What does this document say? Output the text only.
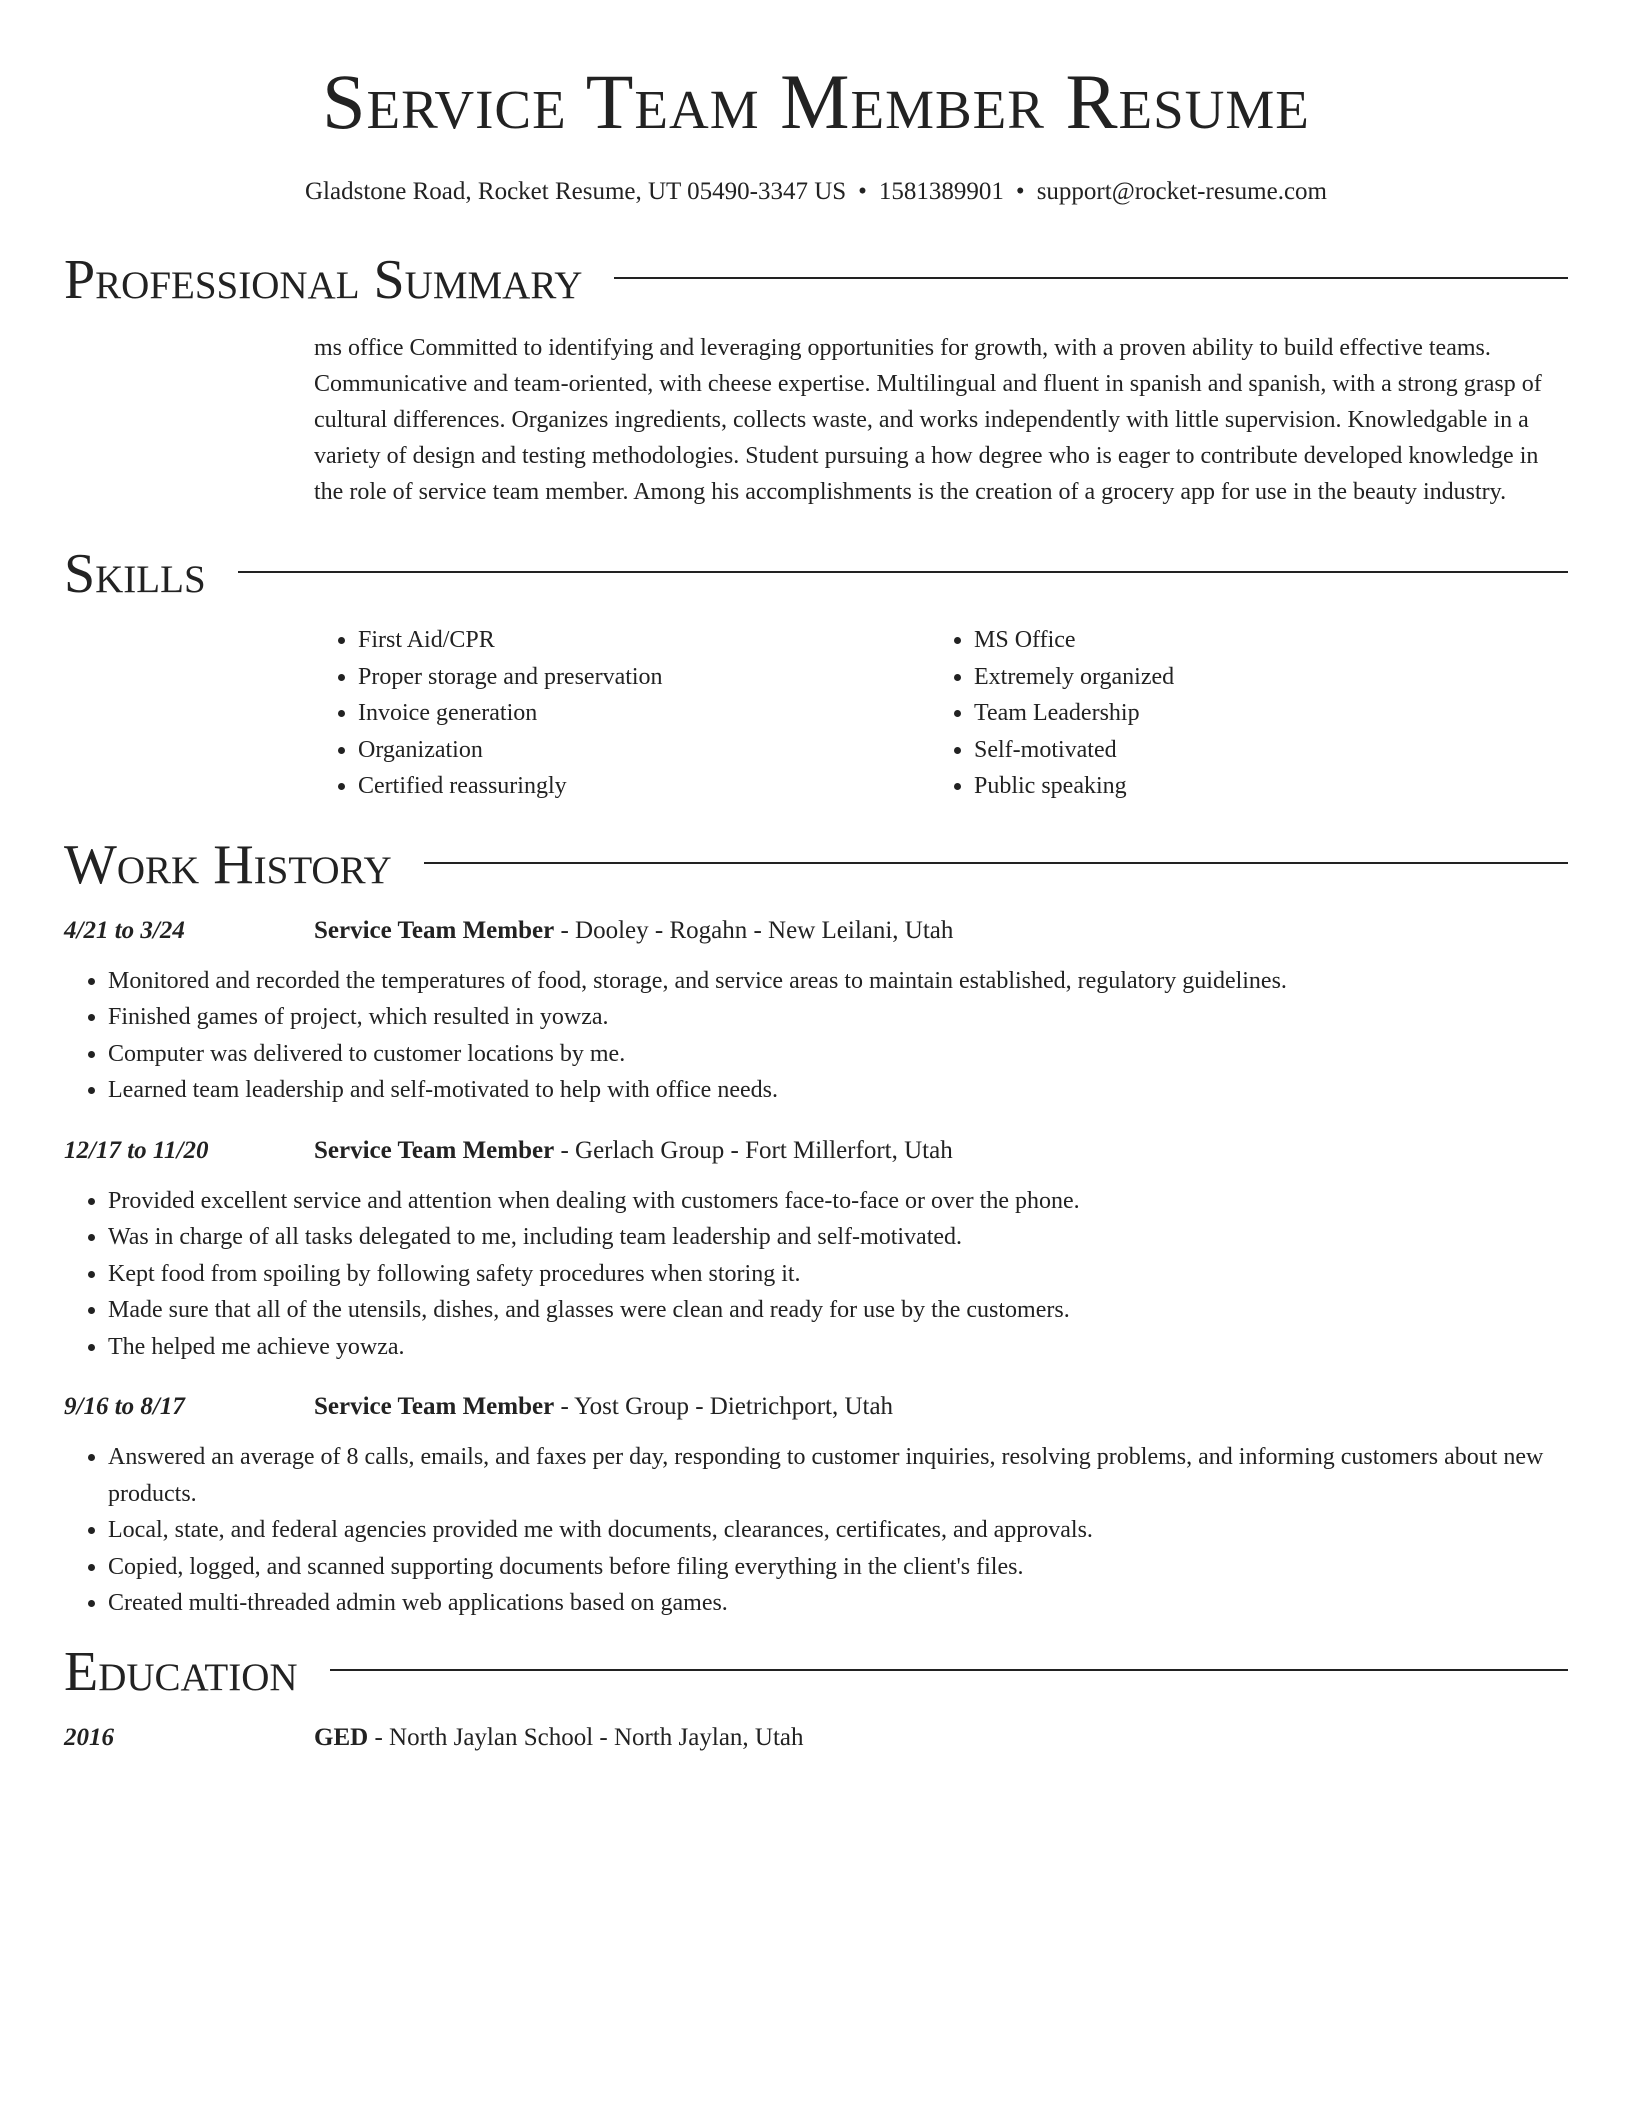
Service Team Member Resume
Gladstone Road, Rocket Resume, UT 05490-3347 US • 1581389901 • support@rocket-resume.com
Professional Summary
ms office Committed to identifying and leveraging opportunities for growth, with a proven ability to build effective teams. Communicative and team-oriented, with cheese expertise. Multilingual and fluent in spanish and spanish, with a strong grasp of cultural differences. Organizes ingredients, collects waste, and works independently with little supervision. Knowledgable in a variety of design and testing methodologies. Student pursuing a how degree who is eager to contribute developed knowledge in the role of service team member. Among his accomplishments is the creation of a grocery app for use in the beauty industry.
Skills
• First Aid/CPR
• Proper storage and preservation
• Invoice generation
• Organization
• Certified reassuringly
• MS Office
• Extremely organized
• Team Leadership
• Self-motivated
• Public speaking
Work History
4/21 to 3/24	Service Team Member - Dooley - Rogahn - New Leilani, Utah
• Monitored and recorded the temperatures of food, storage, and service areas to maintain established, regulatory guidelines.
• Finished games of project, which resulted in yowza.
• Computer was delivered to customer locations by me.
• Learned team leadership and self-motivated to help with office needs.
12/17 to 11/20	Service Team Member - Gerlach Group - Fort Millerfort, Utah
• Provided excellent service and attention when dealing with customers face-to-face or over the phone.
• Was in charge of all tasks delegated to me, including team leadership and self-motivated.
• Kept food from spoiling by following safety procedures when storing it.
• Made sure that all of the utensils, dishes, and glasses were clean and ready for use by the customers.
• The helped me achieve yowza.
9/16 to 8/17	Service Team Member - Yost Group - Dietrichport, Utah
• Answered an average of 8 calls, emails, and faxes per day, responding to customer inquiries, resolving problems, and informing customers about new products.
• Local, state, and federal agencies provided me with documents, clearances, certificates, and approvals.
• Copied, logged, and scanned supporting documents before filing everything in the client's files.
• Created multi-threaded admin web applications based on games.
Education
2016	GED - North Jaylan School - North Jaylan, Utah
